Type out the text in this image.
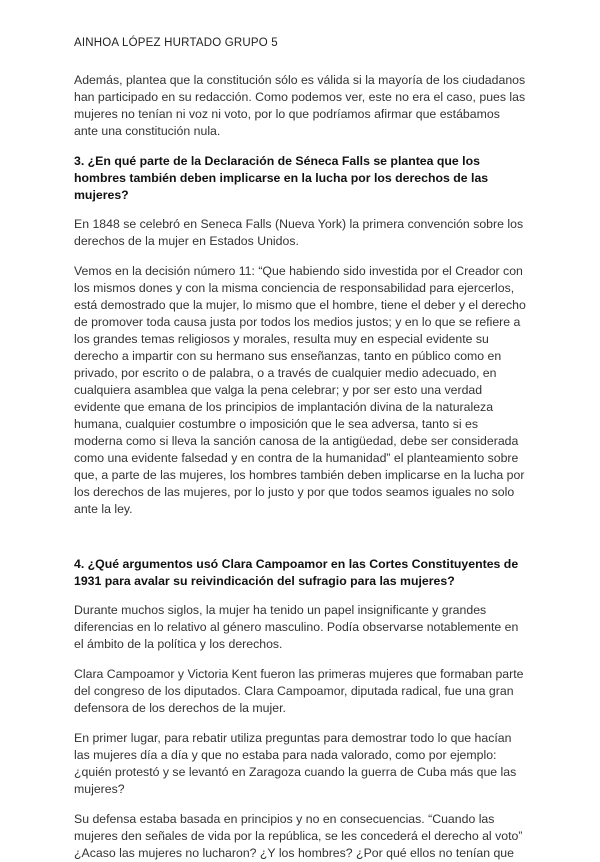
AINHOA LÓPEZ HURTADO GRUPO 5

Además, plantea que la constitución sólo es válida si la mayoría de los ciudadanos han participado en su redacción. Como podemos ver, este no era el caso, pues las mujeres no tenían ni voz ni voto, por lo que podríamos afirmar que estábamos ante una constitución nula.

3. ¿En qué parte de la Declaración de Séneca Falls se plantea que los hombres también deben implicarse en la lucha por los derechos de las mujeres?

En 1848 se celebró en Seneca Falls (Nueva York) la primera convención sobre los derechos de la mujer en Estados Unidos.

Vemos en la decisión número 11: “Que habiendo sido investida por el Creador con los mismos dones y con la misma conciencia de responsabilidad para ejercerlos, está demostrado que la mujer, lo mismo que el hombre, tiene el deber y el derecho de promover toda causa justa por todos los medios justos; y en lo que se refiere a los grandes temas religiosos y morales, resulta muy en especial evidente su derecho a impartir con su hermano sus enseñanzas, tanto en público como en privado, por escrito o de palabra, o a través de cualquier medio adecuado, en cualquiera asamblea que valga la pena celebrar; y por ser esto una verdad evidente que emana de los principios de implantación divina de la naturaleza humana, cualquier costumbre o imposición que le sea adversa, tanto si es moderna como si lleva la sanción canosa de la antigüedad, debe ser considerada como una evidente falsedad y en contra de la humanidad” el planteamiento sobre que, a parte de las mujeres, los hombres también deben implicarse en la lucha por los derechos de las mujeres, por lo justo y por que todos seamos iguales no solo ante la ley.

4. ¿Qué argumentos usó Clara Campoamor en las Cortes Constituyentes de 1931 para avalar su reivindicación del sufragio para las mujeres?

Durante muchos siglos, la mujer ha tenido un papel insignificante y grandes diferencias en lo relativo al género masculino. Podía observarse notablemente en el ámbito de la política y los derechos.

Clara Campoamor y Victoria Kent fueron las primeras mujeres que formaban parte del congreso de los diputados. Clara Campoamor, diputada radical, fue una gran defensora de los derechos de la mujer.

En primer lugar, para rebatir utiliza preguntas para demostrar todo lo que hacían las mujeres día a día y que no estaba para nada valorado, como por ejemplo:¿quién protestó y se levantó en Zaragoza cuando la guerra de Cuba más que las mujeres?

Su defensa estaba basada en principios y no en consecuencias. “Cuando las mujeres den señales de vida por la república, se les concederá el derecho al voto” ¿Acaso las mujeres no lucharon? ¿Y los hombres? ¿Por qué ellos no tenían que
